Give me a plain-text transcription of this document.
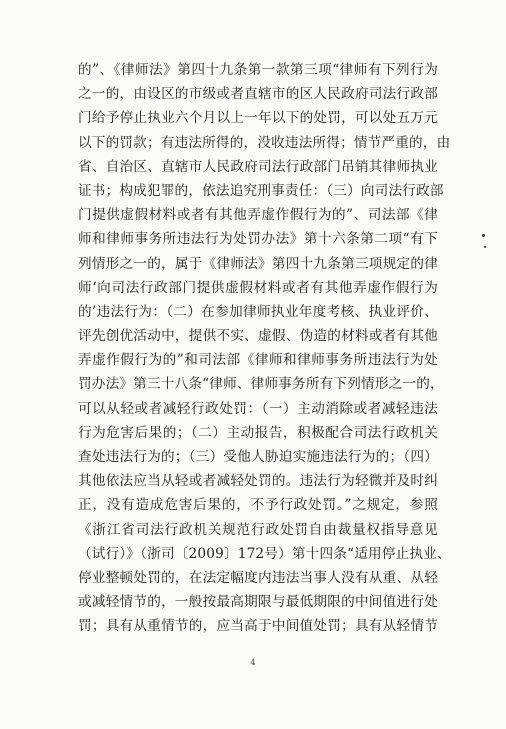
的”、《律师法》第四十九条第一款第三项“律师有下列行为
之一的，由设区的市级或者直辖市的区人民政府司法行政部
门给予停止执业六个月以上一年以下的处罚，可以处五万元
以下的罚款；有违法所得的，没收违法所得；情节严重的，由
省、自治区、直辖市人民政府司法行政部门吊销其律师执业
证书；构成犯罪的，依法追究刑事责任：（三）向司法行政部
门提供虚假材料或者有其他弄虚作假行为的”、司法部《律
师和律师事务所违法行为处罚办法》第十六条第二项“有下
列情形之一的，属于《律师法》第四十九条第三项规定的律
师‘向司法行政部门提供虚假材料或者有其他弄虚作假行为
的’违法行为：（二）在参加律师执业年度考核、执业评价、
评先创优活动中，提供不实、虚假、伪造的材料或者有其他
弄虚作假行为的”和司法部《律师和律师事务所违法行为处
罚办法》第三十八条“律师、律师事务所有下列情形之一的，
可以从轻或者减轻行政处罚：（一）主动消除或者减轻违法
行为危害后果的；（二）主动报告，积极配合司法行政机关
查处违法行为的；（三）受他人胁迫实施违法行为的；（四）
其他依法应当从轻或者减轻处罚的。违法行为轻微并及时纠
正，没有造成危害后果的，不予行政处罚。”之规定，参照
《浙江省司法行政机关规范行政处罚自由裁量权指导意见
（试行）》（浙司〔2009〕172号）第十四条“适用停止执业、
停业整顿处罚的，在法定幅度内违法当事人没有从重、从轻
或减轻情节的，一般按最高期限与最低期限的中间值进行处
罚；具有从重情节的，应当高于中间值处罚；具有从轻情节
4
